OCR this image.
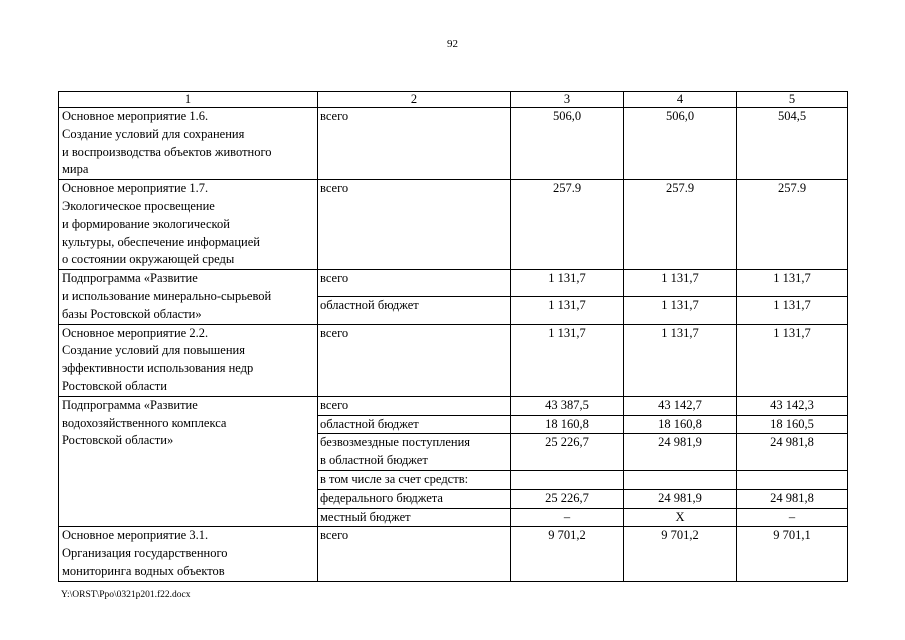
92
1	2	3	4	5
Основное мероприятие 1.6.
Создание условий для сохранения
и воспроизводства объектов животного
мира	всего	506,0	506,0	504,5
Основное мероприятие 1.7.
Экологическое просвещение
и формирование экологической
культуры, обеспечение информацией
о состоянии окружающей среды	всего	257.9	257.9	257.9
Подпрограмма «Развитие
и использование минерально-сырьевой
базы Ростовской области»	всего	1 131,7	1 131,7	1 131,7
	областной бюджет	1 131,7	1 131,7	1 131,7
Основное мероприятие 2.2.
Создание условий для повышения
эффективности использования недр
Ростовской области	всего	1 131,7	1 131,7	1 131,7
Подпрограмма «Развитие
водохозяйственного комплекса
Ростовской области»	всего	43 387,5	43 142,7	43 142,3
	областной бюджет	18 160,8	18 160,8	18 160,5
	безвозмездные поступления
в областной бюджет	25 226,7	24 981,9	24 981,8
	в том числе за счет средств:			
	федерального бюджета	25 226,7	24 981,9	24 981,8
	местный бюджет	–	Х	–
Основное мероприятие 3.1.
Организация государственного
мониторинга водных объектов	всего	9 701,2	9 701,2	9 701,1
Y:\ORST\Ppo\0321p201.f22.docx
